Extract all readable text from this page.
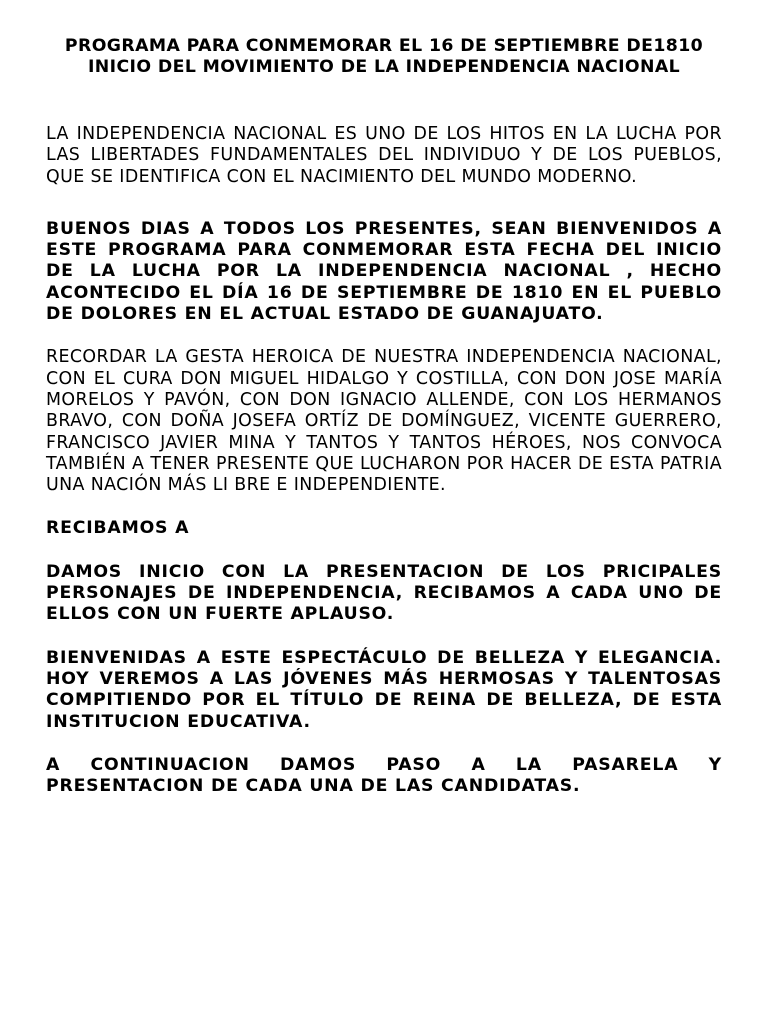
PROGRAMA PARA CONMEMORAR EL 16 DE SEPTIEMBRE DE1810 INICIO DEL MOVIMIENTO DE LA INDEPENDENCIA NACIONAL

LA INDEPENDENCIA NACIONAL ES UNO DE LOS HITOS EN LA LUCHA POR LAS LIBERTADES FUNDAMENTALES DEL INDIVIDUO Y DE LOS PUEBLOS, QUE SE IDENTIFICA CON EL NACIMIENTO DEL MUNDO MODERNO.

BUENOS DIAS A TODOS LOS PRESENTES, SEAN BIENVENIDOS A ESTE PROGRAMA PARA CONMEMORAR ESTA FECHA DEL INICIO DE LA LUCHA POR LA INDEPENDENCIA NACIONAL , HECHO ACONTECIDO EL DÍA 16 DE SEPTIEMBRE DE 1810 EN EL PUEBLO DE DOLORES EN EL ACTUAL ESTADO DE GUANAJUATO.

RECORDAR LA GESTA HEROICA DE NUESTRA INDEPENDENCIA NACIONAL, CON EL CURA DON MIGUEL HIDALGO Y COSTILLA, CON DON JOSE MARÍA MORELOS Y PAVÓN, CON DON IGNACIO ALLENDE, CON LOS HERMANOS BRAVO, CON DOÑA JOSEFA ORTÍZ DE DOMÍNGUEZ, VICENTE GUERRERO, FRANCISCO JAVIER MINA Y TANTOS Y TANTOS HÉROES, NOS CONVOCA TAMBIÉN A TENER PRESENTE QUE LUCHARON POR HACER DE ESTA PATRIA UNA NACIÓN MÁS LI BRE E INDEPENDIENTE.

RECIBAMOS A

DAMOS INICIO CON LA PRESENTACION DE LOS PRICIPALES PERSONAJES DE INDEPENDENCIA, RECIBAMOS A CADA UNO DE ELLOS CON UN FUERTE APLAUSO.

BIENVENIDAS A ESTE ESPECTÁCULO DE BELLEZA Y ELEGANCIA. HOY VEREMOS A LAS JÓVENES MÁS HERMOSAS Y TALENTOSAS COMPITIENDO POR EL TÍTULO DE REINA DE BELLEZA, DE ESTA INSTITUCION EDUCATIVA.

A CONTINUACION DAMOS PASO A LA PASARELA Y PRESENTACION DE CADA UNA DE LAS CANDIDATAS.
